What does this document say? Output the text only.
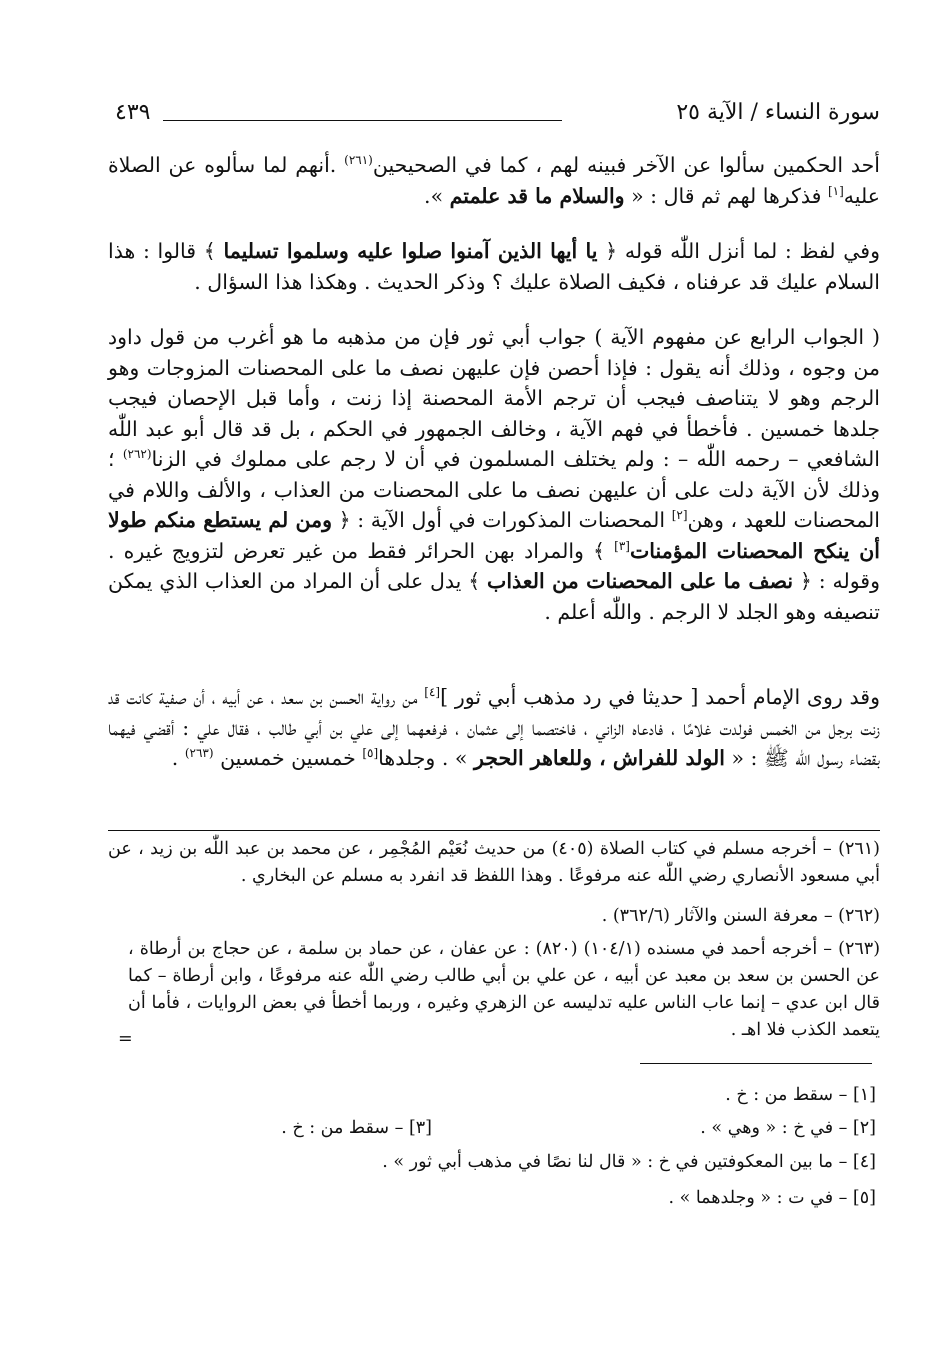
سورة النساء / الآية ٢٥
٤٣٩
أحد الحكمين سألوا عن الآخر فبينه لهم ، كما في الصحيحين$^{(٢٦١)}$ .أنهم لما سألوه عن الصلاة عليه[١] فذكرها لهم ثم قال : « والسلام ما قد علمتم ».
وفي لفظ : لما أنزل اللّٰه قوله ﴿ يا أيها الذين آمنوا صلوا عليه وسلموا تسليما ﴾ قالوا : هذا السلام عليك قد عرفناه ، فكيف الصلاة عليك ؟ وذكر الحديث . وهكذا هذا السؤال .
( الجواب الرابع عن مفهوم الآية ) جواب أبي ثور فإن من مذهبه ما هو أغرب من قول داود من وجوه ، وذلك أنه يقول : فإذا أحصن فإن عليهن نصف ما على المحصنات المزوجات وهو الرجم وهو لا يتناصف فيجب أن ترجم الأمة المحصنة إذا زنت ، وأما قبل الإحصان فيجب جلدها خمسين . فأخطأ في فهم الآية ، وخالف الجمهور في الحكم ، بل قد قال أبو عبد اللّٰه الشافعي – رحمه اللّٰه – : ولم يختلف المسلمون في أن لا رجم على مملوك في الزنا$^{(٢٦٢)}$ ؛ وذلك لأن الآية دلت على أن عليهن نصف ما على المحصنات من العذاب ، والألف واللام في المحصنات للعهد ، وهن[٢] المحصنات المذكورات في أول الآية : ﴿ ومن لم يستطع منكم طولا أن ينكح المحصنات المؤمنات[٣] ﴾ والمراد بهن الحرائر فقط من غير تعرض لتزويج غيره . وقوله : ﴿ نصف ما على المحصنات من العذاب ﴾ يدل على أن المراد من العذاب الذي يمكن تنصيفه وهو الجلد لا الرجم . واللّٰه أعلم .
وقد روى الإمام أحمد [ حديثا في رد مذهب أبي ثور ][٤] من رواية الحسن بن سعد ، عن أبيه ، أن صفية كانت قد زنت برجل من الخمس فولدت غلامًا ، فادعاه الزاني ، فاختصما إلى عثمان ، فرفعهما إلى علي بن أبي طالب ، فقال علي : أقضي فيهما بقضاء رسول اللّٰه ﷺ : « الولد للفراش ، وللعاهر الحجر » . وجلدها[٥] خمسين خمسين $^{(٢٦٣)}$ .
(٢٦١) – أخرجه مسلم في كتاب الصلاة (٤٠٥) من حديث نُعَيْم المُجْمِر ، عن محمد بن عبد اللّٰه بن زيد ، عن أبي مسعود الأنصاري رضي اللّٰه عنه مرفوعًا . وهذا اللفظ قد انفرد به مسلم عن البخاري .
(٢٦٢) – معرفة السنن والآثار (٣٦٢/٦) .
(٢٦٣) – أخرجه أحمد في مسنده (١٠٤/١) (٨٢٠) : عن عفان ، عن حماد بن سلمة ، عن حجاج بن أرطاة ، عن الحسن بن سعد بن معبد عن أبيه ، عن علي بن أبي طالب رضي اللّٰه عنه مرفوعًا ، وابن أرطاة – كما قال ابن عدي – إنما عاب الناس عليه تدليسه عن الزهري وغيره ، وربما أخطأ في بعض الروايات ، فأما أن يتعمد الكذب فلا اهـ .
=
[١] – سقط من : خ .
[٢] – في خ : « وهي » .
[٣] – سقط من : خ .
[٤] – ما بين المعكوفتين في خ : « قال لنا نصًا في مذهب أبي ثور » .
[٥] – في ت : « وجلدهما » .
